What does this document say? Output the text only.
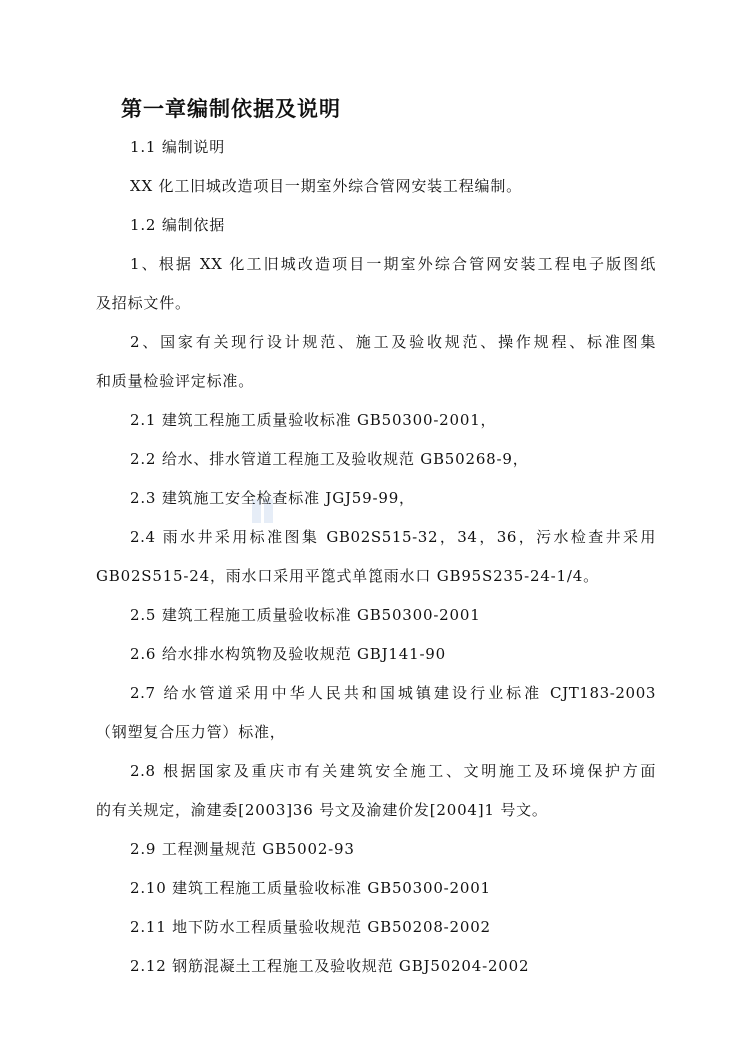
第一章编制依据及说明
1.1 编制说明
XX 化工旧城改造项目一期室外综合管网安装工程编制。
1.2 编制依据
1、根据 XX 化工旧城改造项目一期室外综合管网安装工程电子版图纸
及招标文件。
2、国家有关现行设计规范、施工及验收规范、操作规程、标准图集
和质量检验评定标准。
2.1 建筑工程施工质量验收标准 GB50300-2001，
2.2 给水、排水管道工程施工及验收规范 GB50268-9，
2.3 建筑施工安全检查标准 JGJ59-99，
2.4 雨水井采用标准图集 GB02S515-32，34，36，污水检查井采用
GB02S515-24，雨水口采用平箆式单箆雨水口 GB95S235-24-1/4。
2.5 建筑工程施工质量验收标准 GB50300-2001
2.6 给水排水构筑物及验收规范 GBJ141-90
2.7 给水管道采用中华人民共和国城镇建设行业标准 CJT183-2003
（钢塑复合压力管）标准，
2.8 根据国家及重庆市有关建筑安全施工、文明施工及环境保护方面
的有关规定，渝建委[2003]36 号文及渝建价发[2004]1 号文。
2.9 工程测量规范 GB5002-93
2.10 建筑工程施工质量验收标准 GB50300-2001
2.11 地下防水工程质量验收规范 GB50208-2002
2.12 钢筋混凝土工程施工及验收规范 GBJ50204-2002
